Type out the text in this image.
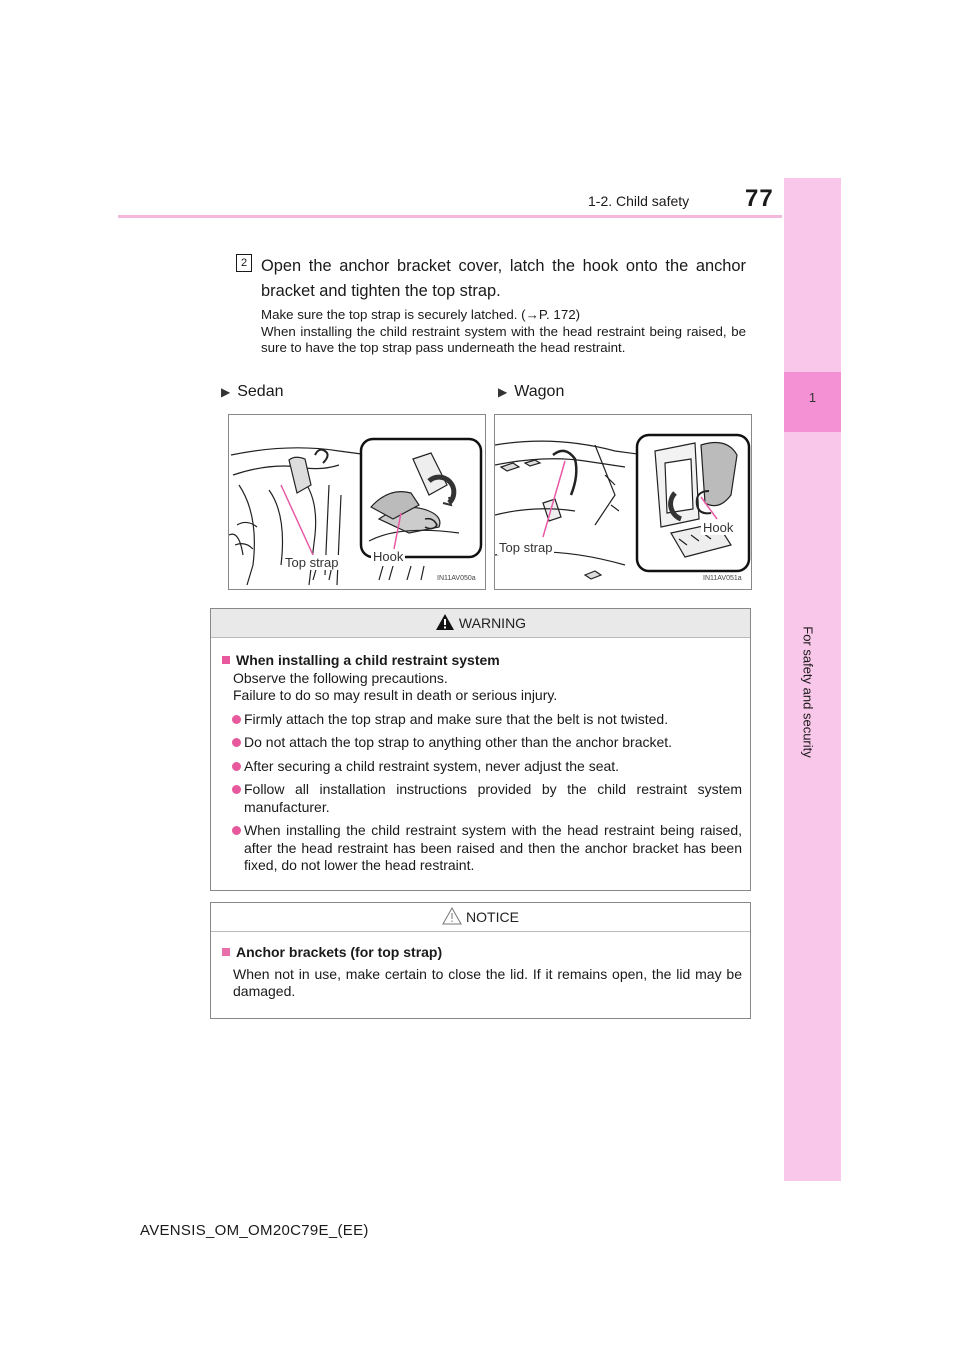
77
1-2. Child safety
1
For safety and security
2 Open the anchor bracket cover, latch the hook onto the anchor bracket and tighten the top strap.
Make sure the top strap is securely latched. (→P. 172)
When installing the child restraint system with the head restraint being raised, be sure to have the top strap pass underneath the head restraint.
▶ Sedan	▶ Wagon
Top strap	Hook
IN11AV050a
Top strap
Hook
IN11AV051a
WARNING
When installing a child restraint system
Observe the following precautions.
Failure to do so may result in death or serious injury.
Firmly attach the top strap and make sure that the belt is not twisted.
Do not attach the top strap to anything other than the anchor bracket.
After securing a child restraint system, never adjust the seat.
Follow all installation instructions provided by the child restraint system manufacturer.
When installing the child restraint system with the head restraint being raised, after the head restraint has been raised and then the anchor bracket has been fixed, do not lower the head restraint.
NOTICE
Anchor brackets (for top strap)
When not in use, make certain to close the lid. If it remains open, the lid may be damaged.
AVENSIS_OM_OM20C79E_(EE)
